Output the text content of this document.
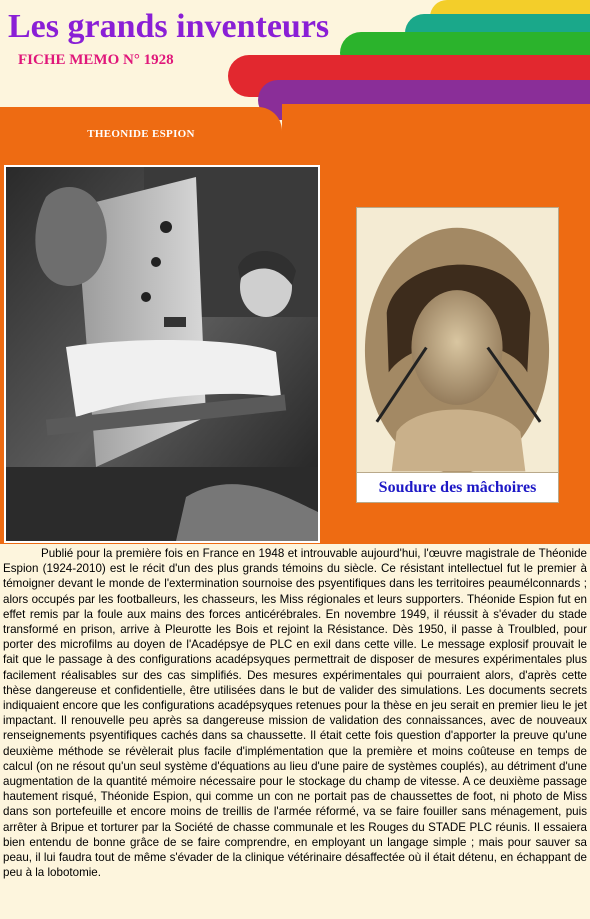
Les grands inventeurs
FICHE MEMO N° 1928
THEONIDE ESPION
Soudure des mâchoires

Publié pour la première fois en France en 1948 et introuvable aujourd'hui, l'œuvre magistrale de Théonide Espion (1924-2010) est le récit d'un des plus grands témoins du siècle. Ce résistant intellectuel fut le premier à témoigner devant le monde de l'extermination sournoise des psyentifiques dans les territoires peaumélconnards ; alors occupés par les footballeurs, les chasseurs, les Miss régionales et leurs supporters. Théonide Espion fut en effet remis par la foule aux mains des forces anticérébrales. En novembre 1949, il réussit à s'évader du stade transformé en prison, arrive à Pleurotte les Bois et rejoint la Résistance. Dès 1950, il passe à Troulbled, pour porter des microfilms au doyen de l'Acadépsye de PLC en exil dans cette ville. Le message explosif prouvait le fait que le passage à des configurations acadépsyques permettrait de disposer de mesures expérimentales plus facilement réalisables sur des cas simplifiés. Des mesures expérimentales qui pourraient alors, d'après cette thèse dangereuse et confidentielle, être utilisées dans le but de valider des simulations. Les documents secrets indiquaient encore que les configurations acadépsyques retenues pour la thèse en jeu serait en premier lieu le jet impactant. Il renouvelle peu après sa dangereuse mission de validation des connaissances, avec de nouveaux renseignements psyentifiques cachés dans sa chaussette. Il était cette fois question d'apporter la preuve qu'une deuxième méthode se révèlerait plus facile d'implémentation que la première et moins coûteuse en temps de calcul (on ne résout qu'un seul système d'équations au lieu d'une paire de systèmes couplés), au détriment d'une augmentation de la quantité mémoire nécessaire pour le stockage du champ de vitesse. A ce deuxième passage hautement risqué, Théonide Espion, qui comme un con ne portait pas de chaussettes de foot, ni photo de Miss dans son portefeuille et encore moins de treillis de l'armée réformé, va se faire fouiller sans ménagement, puis arrêter à Bripue et torturer par la Société de chasse communale et les Rouges du STADE PLC réunis. Il essaiera bien entendu de bonne grâce de se faire comprendre, en employant un langage simple ; mais pour sauver sa peau, il lui faudra tout de même s'évader de la clinique vétérinaire désaffectée où il était détenu, en échappant de peu à la lobotomie.
